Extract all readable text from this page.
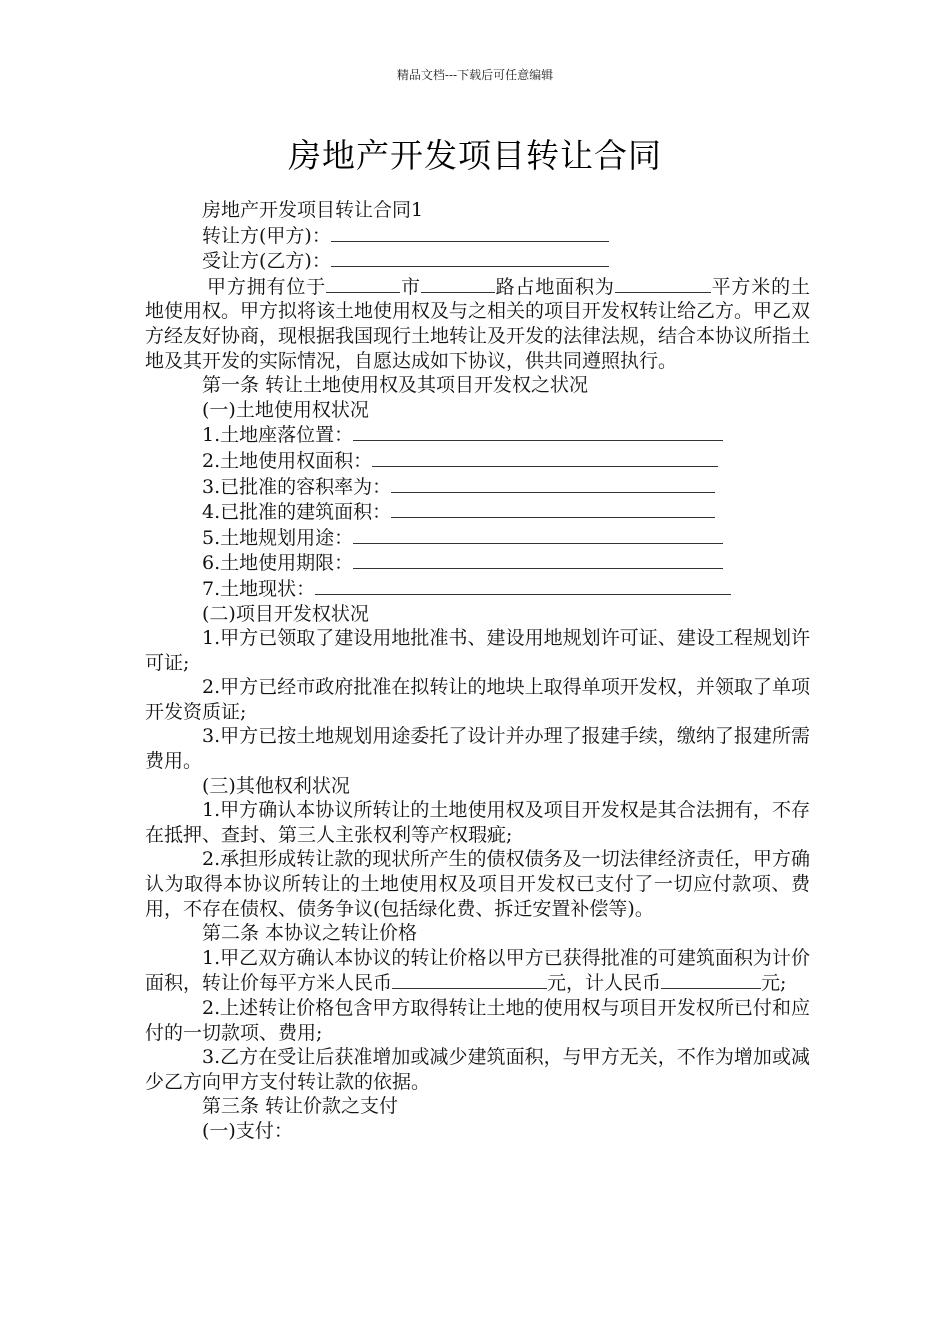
精品文档---下载后可任意编辑
房地产开发项目转让合同

房地产开发项目转让合同1

转让方(甲方)：

受让方(乙方)：

甲方拥有位于	市	路占地面积为	平方米的土地使用权。甲方拟将该土地使用权及与之相关的项目开发权转让给乙方。甲乙双方经友好协商，现根据我国现行土地转让及开发的法律法规，结合本协议所指土地及其开发的实际情况，自愿达成如下协议，供共同遵照执行。

第一条 转让土地使用权及其项目开发权之状况

(一)土地使用权状况

1.土地座落位置：

2.土地使用权面积：

3.已批准的容积率为：

4.已批准的建筑面积：

5.土地规划用途：

6.土地使用期限：

7.土地现状：

(二)项目开发权状况

1.甲方已领取了建设用地批准书、建设用地规划许可证、建设工程规划许可证;

2.甲方已经市政府批准在拟转让的地块上取得单项开发权，并领取了单项开发资质证;

3.甲方已按土地规划用途委托了设计并办理了报建手续，缴纳了报建所需费用。

(三)其他权利状况

1.甲方确认本协议所转让的土地使用权及项目开发权是其合法拥有，不存在抵押、查封、第三人主张权利等产权瑕疵;

2.承担形成转让款的现状所产生的债权债务及一切法律经济责任，甲方确认为取得本协议所转让的土地使用权及项目开发权已支付了一切应付款项、费用，不存在债权、债务争议(包括绿化费、拆迁安置补偿等)。

第二条 本协议之转让价格

1.甲乙双方确认本协议的转让价格以甲方已获得批准的可建筑面积为计价面积，转让价每平方米人民币	元，计人民币	元;

2.上述转让价格包含甲方取得转让土地的使用权与项目开发权所已付和应付的一切款项、费用;

3.乙方在受让后获准增加或减少建筑面积，与甲方无关，不作为增加或减少乙方向甲方支付转让款的依据。

第三条 转让价款之支付

(一)支付：
